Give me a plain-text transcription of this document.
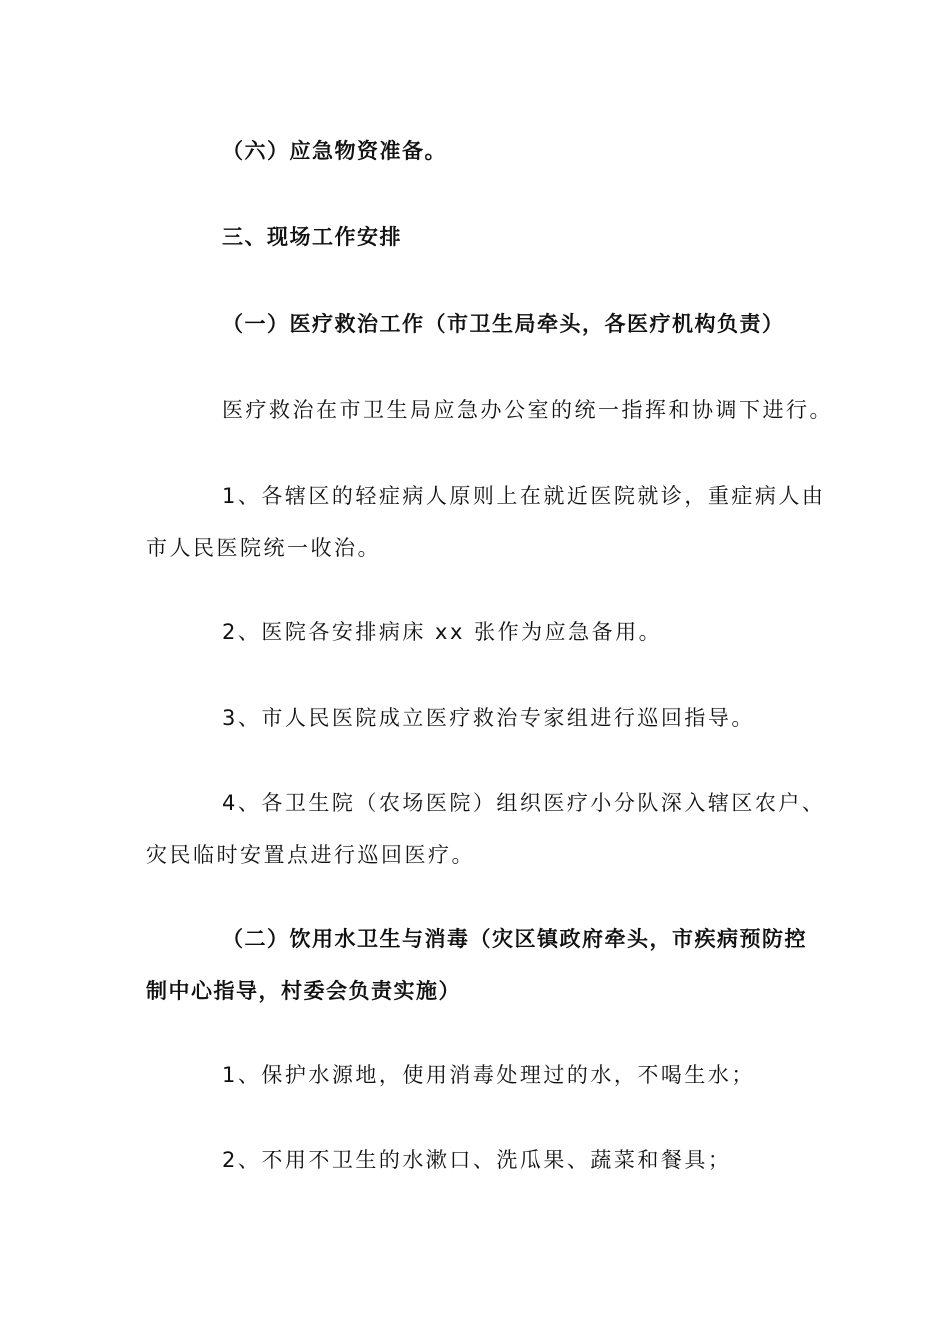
（六）应急物资准备。
三、现场工作安排
（一）医疗救治工作（市卫生局牵头，各医疗机构负责）
医疗救治在市卫生局应急办公室的统一指挥和协调下进行。
1、各辖区的轻症病人原则上在就近医院就诊，重症病人由
市人民医院统一收治。
2、医院各安排病床 xx 张作为应急备用。
3、市人民医院成立医疗救治专家组进行巡回指导。
4、各卫生院（农场医院）组织医疗小分队深入辖区农户、
灾民临时安置点进行巡回医疗。
（二）饮用水卫生与消毒（灾区镇政府牵头，市疾病预防控
制中心指导，村委会负责实施）
1、保护水源地，使用消毒处理过的水，不喝生水；
2、不用不卫生的水漱口、洗瓜果、蔬菜和餐具；
